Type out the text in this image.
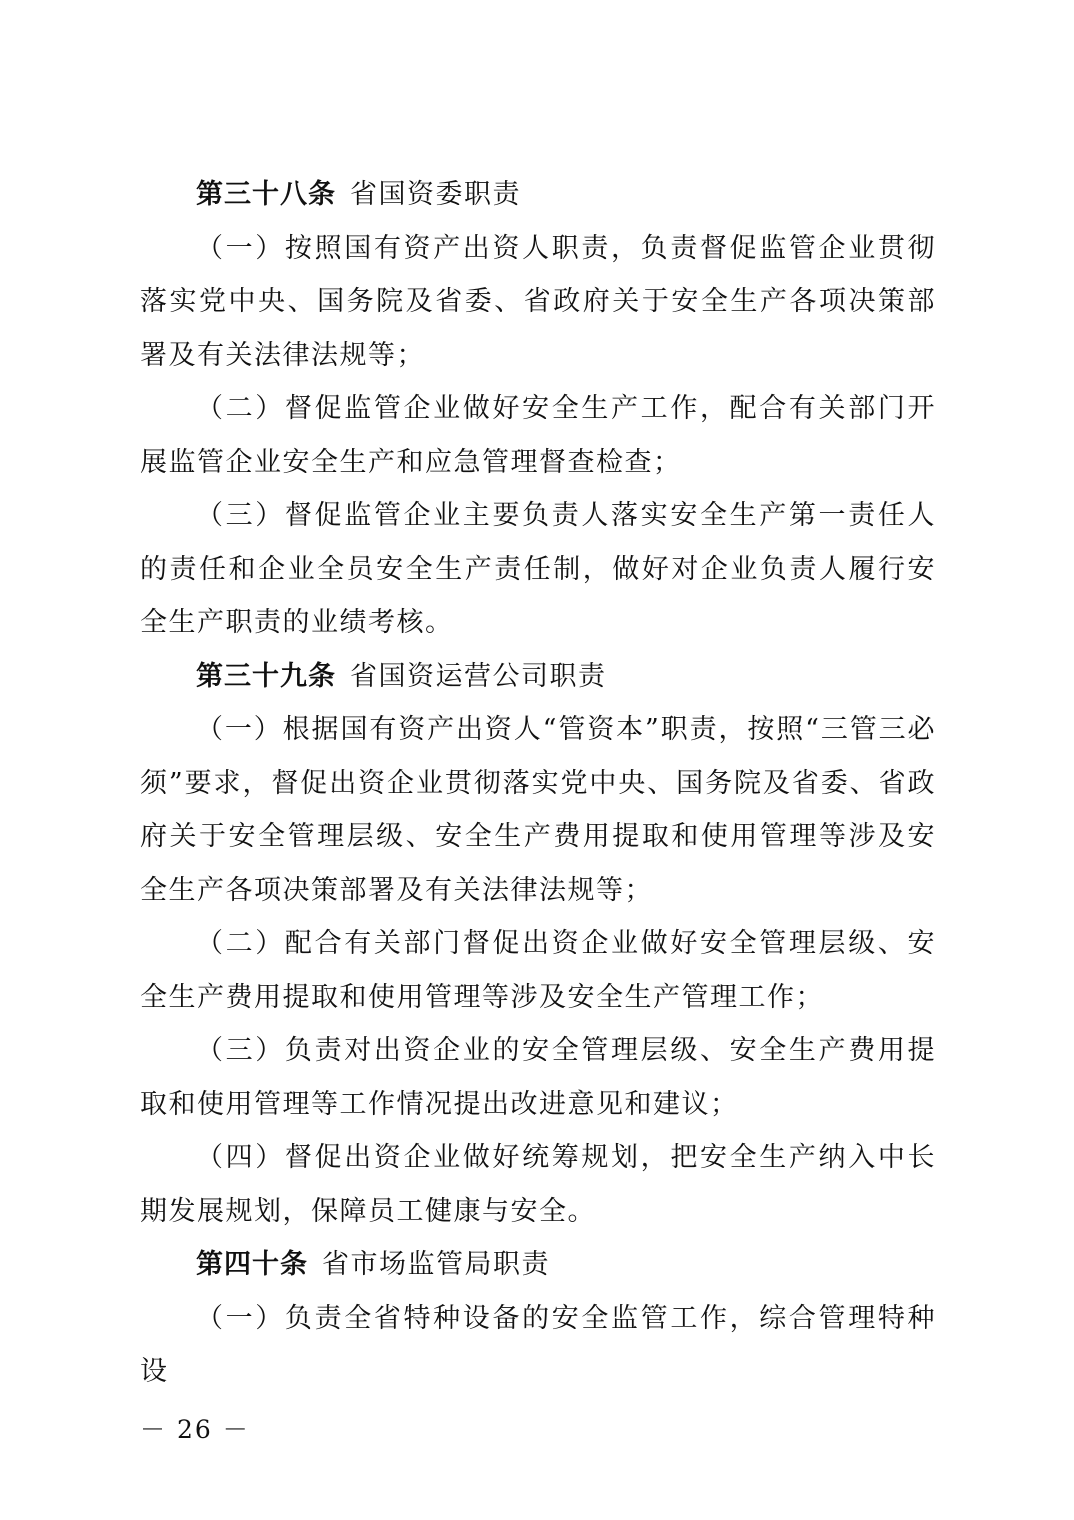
第三十八条 省国资委职责

（一）按照国有资产出资人职责，负责督促监管企业贯彻落实党中央、国务院及省委、省政府关于安全生产各项决策部署及有关法律法规等；

（二）督促监管企业做好安全生产工作，配合有关部门开展监管企业安全生产和应急管理督查检查；

（三）督促监管企业主要负责人落实安全生产第一责任人的责任和企业全员安全生产责任制，做好对企业负责人履行安全生产职责的业绩考核。

第三十九条 省国资运营公司职责

（一）根据国有资产出资人“管资本”职责，按照“三管三必须”要求，督促出资企业贯彻落实党中央、国务院及省委、省政府关于安全管理层级、安全生产费用提取和使用管理等涉及安全生产各项决策部署及有关法律法规等；

（二）配合有关部门督促出资企业做好安全管理层级、安全生产费用提取和使用管理等涉及安全生产管理工作；

（三）负责对出资企业的安全管理层级、安全生产费用提取和使用管理等工作情况提出改进意见和建议；

（四）督促出资企业做好统筹规划，把安全生产纳入中长期发展规划，保障员工健康与安全。

第四十条 省市场监管局职责

（一）负责全省特种设备的安全监管工作，综合管理特种设

－ 26 －
